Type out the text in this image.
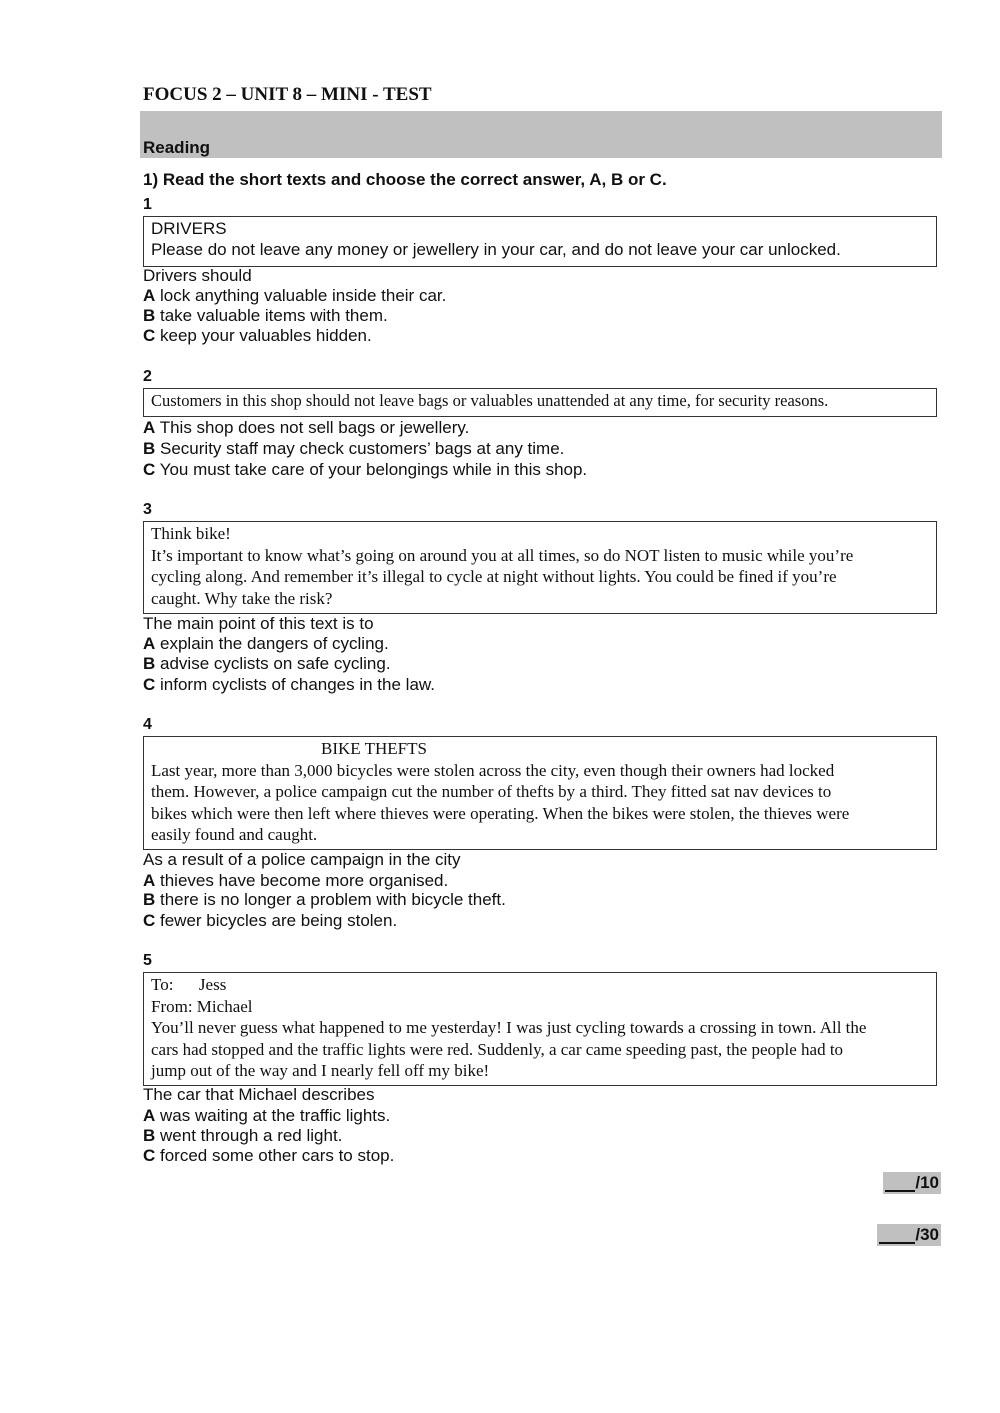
FOCUS 2 – UNIT 8 – MINI - TEST
Reading
1) Read the short texts and choose the correct answer, A, B or C.
1
DRIVERS
Please do not leave any money or jewellery in your car, and do not leave your car unlocked.
Drivers should
A lock anything valuable inside their car.
B take valuable items with them.
C keep your valuables hidden.
2
Customers in this shop should not leave bags or valuables unattended at any time, for security reasons.
A This shop does not sell bags or jewellery.
B Security staff may check customers’ bags at any time.
C You must take care of your belongings while in this shop.
3
Think bike!
It’s important to know what’s going on around you at all times, so do NOT listen to music while you’re
cycling along. And remember it’s illegal to cycle at night without lights. You could be fined if you’re
caught. Why take the risk?
The main point of this text is to
A explain the dangers of cycling.
B advise cyclists on safe cycling.
C inform cyclists of changes in the law.
4
BIKE THEFTS
Last year, more than 3,000 bicycles were stolen across the city, even though their owners had locked
them. However, a police campaign cut the number of thefts by a third. They fitted sat nav devices to
bikes which were then left where thieves were operating. When the bikes were stolen, the thieves were
easily found and caught.
As a result of a police campaign in the city
A thieves have become more organised.
B there is no longer a problem with bicycle theft.
C fewer bicycles are being stolen.
5
To:      Jess
From: Michael
You’ll never guess what happened to me yesterday! I was just cycling towards a crossing in town. All the
cars had stopped and the traffic lights were red. Suddenly, a car came speeding past, the people had to
jump out of the way and I nearly fell off my bike!
The car that Michael describes
A was waiting at the traffic lights.
B went through a red light.
C forced some other cars to stop.
/10
/30
